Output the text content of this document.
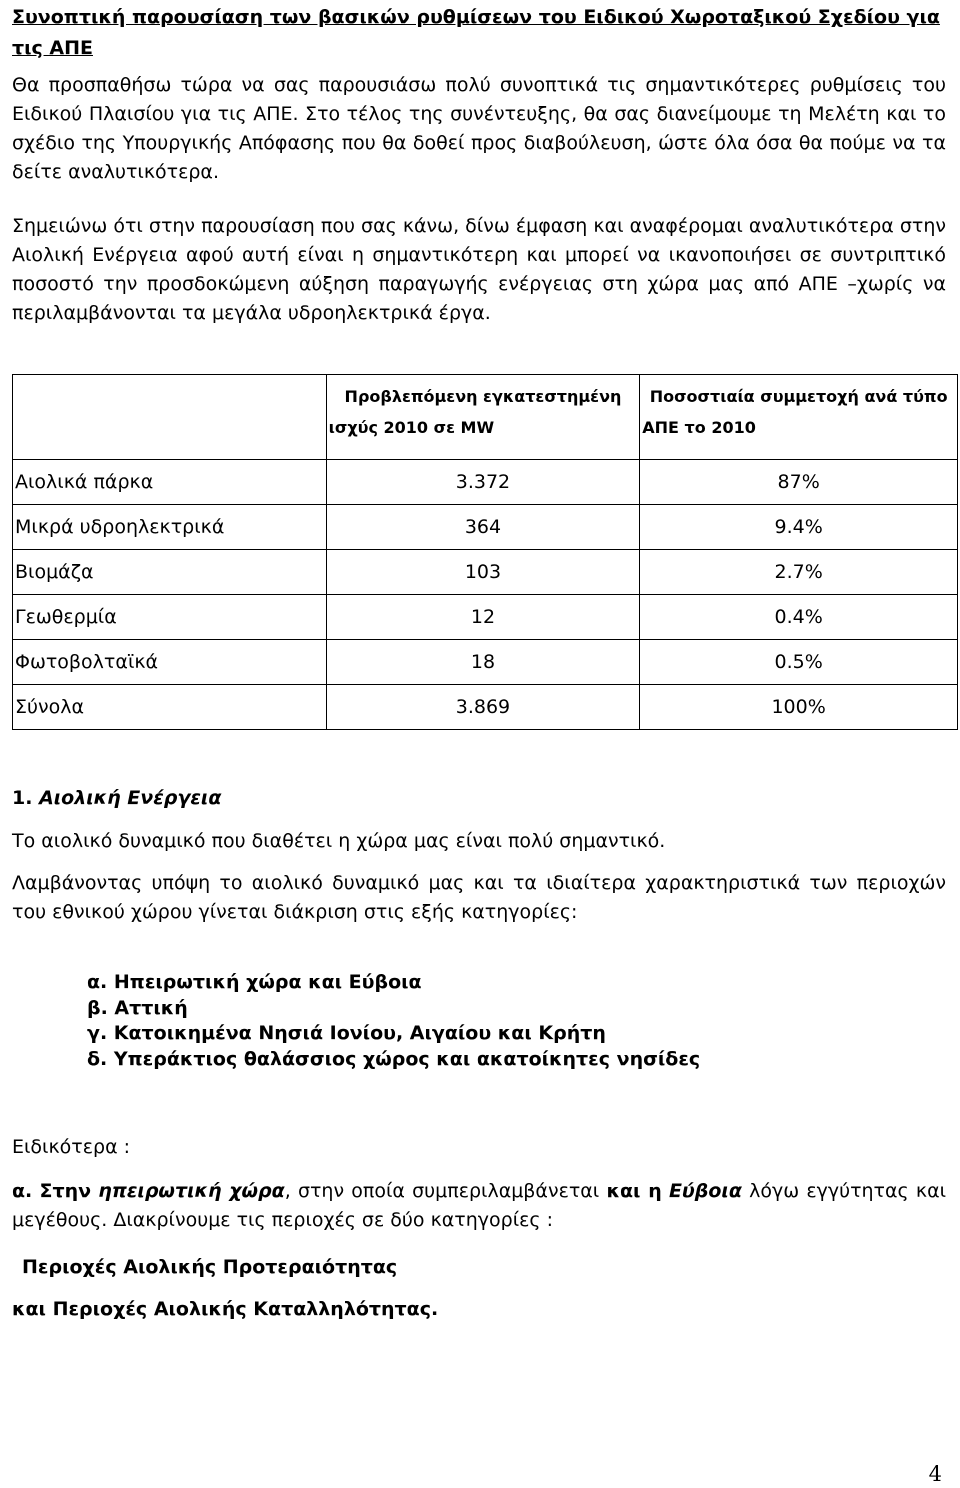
Συνοπτική παρουσίαση των βασικών ρυθμίσεων του Ειδικού Χωροταξικού Σχεδίου για τις ΑΠΕ
Θα προσπαθήσω τώρα να σας παρουσιάσω πολύ συνοπτικά τις σημαντικότερες ρυθμίσεις του Ειδικού Πλαισίου για τις ΑΠΕ. Στο τέλος της συνέντευξης, θα σας διανείμουμε τη Μελέτη και το σχέδιο της Υπουργικής Απόφασης που θα δοθεί προς διαβούλευση, ώστε όλα όσα θα πούμε να τα δείτε αναλυτικότερα.
Σημειώνω ότι στην παρουσίαση που σας κάνω, δίνω έμφαση και αναφέρομαι αναλυτικότερα στην Αιολική Ενέργεια αφού αυτή είναι η σημαντικότερη και μπορεί να ικανοποιήσει σε συντριπτικό ποσοστό την προσδοκώμενη αύξηση παραγωγής ενέργειας στη χώρα μας από ΑΠΕ –χωρίς να περιλαμβάνονται τα μεγάλα υδροηλεκτρικά έργα.
	Προβλεπόμενη εγκατεστημένη ισχύς 2010 σε MW	Ποσοστιαία συμμετοχή ανά τύπο ΑΠΕ το 2010
Αιολικά πάρκα	3.372	87%
Μικρά υδροηλεκτρικά	364	9.4%
Βιομάζα	103	2.7%
Γεωθερμία	12	0.4%
Φωτοβολταϊκά	18	0.5%
Σύνολα	3.869	100%
1. Αιολική Ενέργεια
Το αιολικό δυναμικό που διαθέτει η χώρα μας είναι πολύ σημαντικό.
Λαμβάνοντας υπόψη το αιολικό δυναμικό μας και τα ιδιαίτερα χαρακτηριστικά των περιοχών του εθνικού χώρου γίνεται διάκριση στις εξής κατηγορίες:
α. Ηπειρωτική χώρα και Εύβοια
β. Αττική
γ. Κατοικημένα Νησιά Ιονίου, Αιγαίου και Κρήτη
δ. Υπεράκτιος θαλάσσιος χώρος και ακατοίκητες νησίδες
Ειδικότερα :
α. Στην ηπειρωτική χώρα, στην οποία συμπεριλαμβάνεται και η Εύβοια λόγω εγγύτητας και μεγέθους. Διακρίνουμε τις περιοχές σε δύο κατηγορίες :
Περιοχές Αιολικής Προτεραιότητας
και Περιοχές Αιολικής Καταλληλότητας.
4
